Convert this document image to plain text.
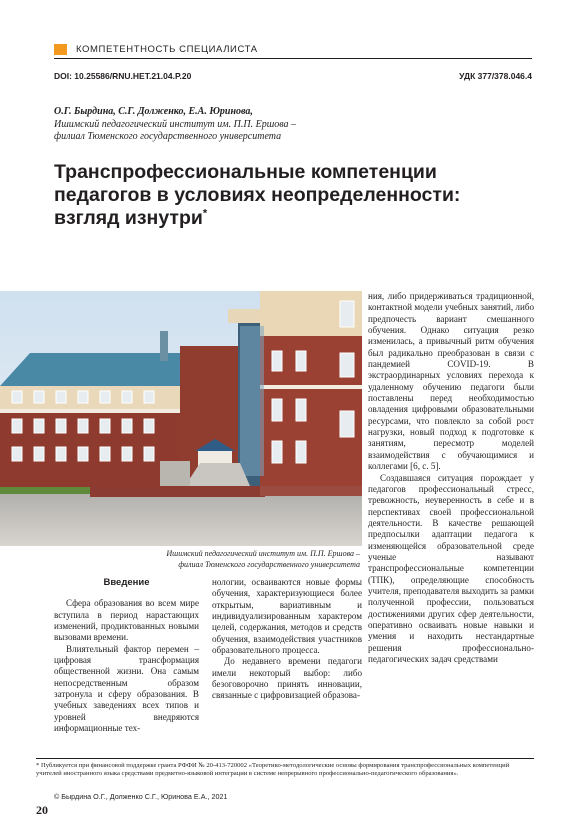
КОМПЕТЕНТНОСТЬ СПЕЦИАЛИСТА
DOI: 10.25586/RNU.HET.21.04.P.20	УДК 377/378.046.4
О.Г. Бырдина, С.Г. Долженко, Е.А. Юринова,
Ишимский педагогический институт им. П.П. Ершова –
филиал Тюменского государственного университета
Транспрофессиональные компетенции педагогов в условиях неопределенности: взгляд изнутри*
Ишимский педагогический институт им. П.П. Ершова –
филиал Тюменского государственного университета

Введение

Сфера образования во всем мире вступила в период нарастающих изменений, продиктованных новыми вызовами времени.

Влиятельный фактор перемен – цифровая трансформация общественной жизни. Она самым непосредственным образом затронула и сферу образования. В учебных заведениях всех типов и уровней внедряются информационные тех-

нологии, осваиваются новые формы обучения, характеризующиеся более открытым, вариативным и индивидуализированным характером целей, содержания, методов и средств обучения, взаимодействия участников образовательного процесса.

До недавнего времени педагоги имели некоторый выбор: либо безоговорочно принять инновации, связанные с цифровизацией образова-

ния, либо придерживаться традиционной, контактной модели учебных занятий, либо предпочесть вариант смешанного обучения. Однако ситуация резко изменилась, а привычный ритм обучения был радикально преобразован в связи с пандемией COVID-19. В экстраординарных условиях перехода к удаленному обучению педагоги были поставлены перед необходимостью овладения цифровыми образовательными ресурсами, что повлекло за собой рост нагрузки, новый подход к подготовке к занятиям, пересмотр моделей взаимодействия с обучающимися и коллегами [6, с. 5].

Создавшаяся ситуация порождает у педагогов профессиональный стресс, тревожность, неуверенность в себе и в перспективах своей профессиональной деятельности. В качестве решающей предпосылки адаптации педагога к изменяющейся образовательной среде ученые называют транспрофессиональные компетенции (ТПК), определяющие способность учителя, преподавателя выходить за рамки полученной профессии, пользоваться достижениями других сфер деятельности, оперативно осваивать новые навыки и умения и находить нестандартные решения профессионально-педагогических задач средствами

* Публикуется при финансовой поддержке гранта РФФИ № 20-413-720002 «Теоретико-методологические основы формирования транспрофессиональных компетенций учителей иностранного языка средствами предметно-языковой интеграции в системе непрерывного профессионально-педагогического образования».
© Бырдина О.Г., Долженко С.Г., Юринова Е.А., 2021
20
